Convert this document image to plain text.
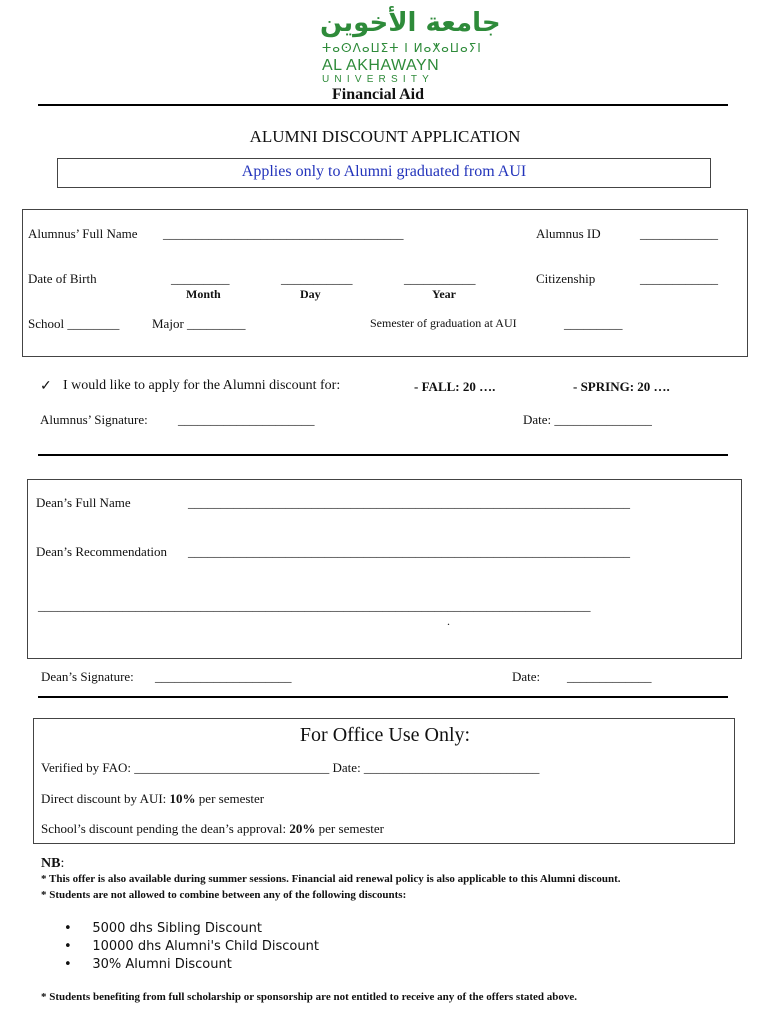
جامعة الأخوين
ⵜⴰⵙⴷⴰⵡⵉⵜ ⵏ ⵍⴰⵅⴰⵡⴰⵢⵏ
AL AKHAWAYN
UNIVERSITY
Financial Aid
ALUMNI DISCOUNT APPLICATION
Applies only to Alumni graduated from AUI
Alumnus’ Full Name _____________________________________	Alumnus ID	____________
Date of Birth	_________	___________	___________
Month	Day	Year
Citizenship	____________
School ________	Major _________	Semester of graduation at AUI	_________
✓ I would like to apply for the Alumni discount for:	- FALL: 20 ….	- SPRING: 20 ….
Alumnus’ Signature: _____________________	Date: _______________
Dean’s Full Name	____________________________________________________________________
Dean’s Recommendation ____________________________________________________________________
_____________________________________________________________________________________
.
Dean’s Signature: _____________________	Date: _____________
For Office Use Only:
Verified by FAO: ______________________________ Date: ___________________________
Direct discount by AUI: 10% per semester
School’s discount pending the dean’s approval: 20% per semester
NB:
* This offer is also available during summer sessions. Financial aid renewal policy is also applicable to this Alumni discount.
* Students are not allowed to combine between any of the following discounts:
•     5000 dhs Sibling Discount
•     10000 dhs Alumni's Child Discount
•     30% Alumni Discount
* Students benefiting from full scholarship or sponsorship are not entitled to receive any of the offers stated above.
